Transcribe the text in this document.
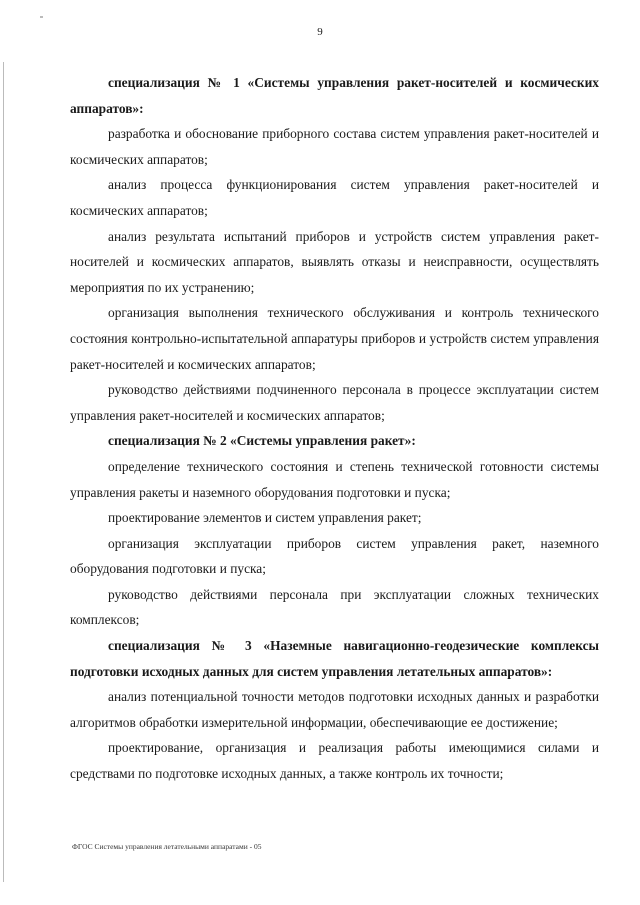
9

специализация № 1 «Системы управления ракет-носителей и космических аппаратов»:

разработка и обоснование приборного состава систем управления ракет-носителей и космических аппаратов;

анализ процесса функционирования систем управления ракет-носителей и космических аппаратов;

анализ результата испытаний приборов и устройств систем управления ракет-носителей и космических аппаратов, выявлять отказы и неисправности, осуществлять мероприятия по их устранению;

организация выполнения технического обслуживания и контроль технического состояния контрольно-испытательной аппаратуры приборов и устройств систем управления ракет-носителей и космических аппаратов;

руководство действиями подчиненного персонала в процессе эксплуатации систем управления ракет-носителей и космических аппаратов;

специализация № 2 «Системы управления ракет»:

определение технического состояния и степень технической готовности системы управления ракеты и наземного оборудования подготовки и пуска;

проектирование элементов и систем управления ракет;

организация эксплуатации приборов систем управления ракет, наземного оборудования подготовки и пуска;

руководство действиями персонала при эксплуатации сложных технических комплексов;

специализация № 3 «Наземные навигационно-геодезические комплексы подготовки исходных данных для систем управления летательных аппаратов»:

анализ потенциальной точности методов подготовки исходных данных и разработки алгоритмов обработки измерительной информации, обеспечивающие ее достижение;

проектирование, организация и реализация работы имеющимися силами и средствами по подготовке исходных данных, а также контроль их точности;

ФГОС Системы управления летательными аппаратами - 05
